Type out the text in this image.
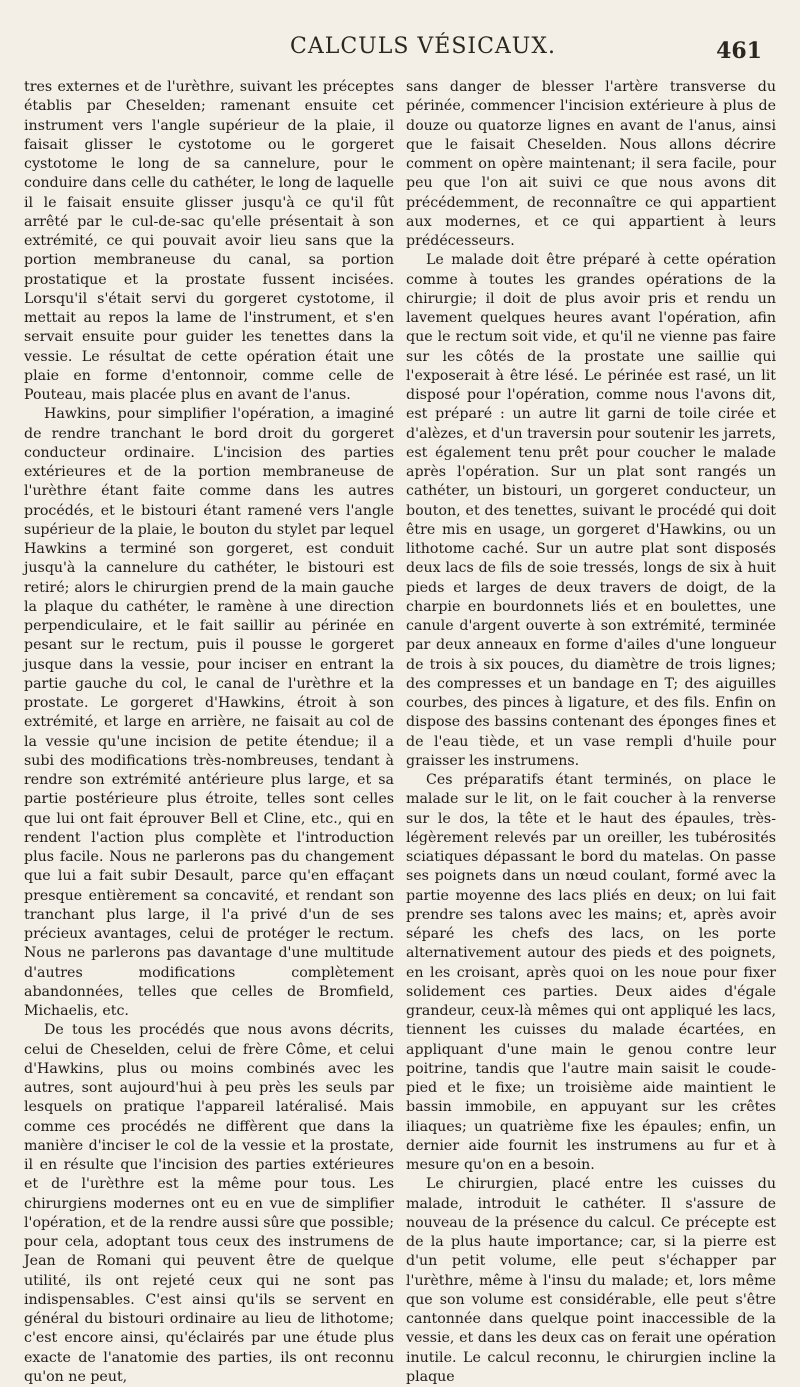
CALCULS VÉSICAUX.	461

tres externes et de l'urèthre, suivant les préceptes établis par Cheselden; ramenant ensuite cet instrument vers l'angle supérieur de la plaie, il faisait glisser le cystotome ou le gorgeret cystotome le long de sa cannelure, pour le conduire dans celle du cathéter, le long de laquelle il le faisait ensuite glisser jusqu'à ce qu'il fût arrêté par le cul-de-sac qu'elle présentait à son extrémité, ce qui pouvait avoir lieu sans que la portion membraneuse du canal, sa portion prostatique et la prostate fussent incisées. Lorsqu'il s'était servi du gorgeret cystotome, il mettait au repos la lame de l'instrument, et s'en servait ensuite pour guider les tenettes dans la vessie. Le résultat de cette opération était une plaie en forme d'entonnoir, comme celle de Pouteau, mais placée plus en avant de l'anus.

Hawkins, pour simplifier l'opération, a imaginé de rendre tranchant le bord droit du gorgeret conducteur ordinaire. L'incision des parties extérieures et de la portion membraneuse de l'urèthre étant faite comme dans les autres procédés, et le bistouri étant ramené vers l'angle supérieur de la plaie, le bouton du stylet par lequel Hawkins a terminé son gorgeret, est conduit jusqu'à la cannelure du cathéter, le bistouri est retiré; alors le chirurgien prend de la main gauche la plaque du cathéter, le ramène à une direction perpendiculaire, et le fait saillir au périnée en pesant sur le rectum, puis il pousse le gorgeret jusque dans la vessie, pour inciser en entrant la partie gauche du col, le canal de l'urèthre et la prostate. Le gorgeret d'Hawkins, étroit à son extrémité, et large en arrière, ne faisait au col de la vessie qu'une incision de petite étendue; il a subi des modifications très-nombreuses, tendant à rendre son extrémité antérieure plus large, et sa partie postérieure plus étroite, telles sont celles que lui ont fait éprouver Bell et Cline, etc., qui en rendent l'action plus complète et l'introduction plus facile. Nous ne parlerons pas du changement que lui a fait subir Desault, parce qu'en effaçant presque entièrement sa concavité, et rendant son tranchant plus large, il l'a privé d'un de ses précieux avantages, celui de protéger le rectum. Nous ne parlerons pas davantage d'une multitude d'autres modifications complètement abandonnées, telles que celles de Bromfield, Michaelis, etc.

De tous les procédés que nous avons décrits, celui de Cheselden, celui de frère Côme, et celui d'Hawkins, plus ou moins combinés avec les autres, sont aujourd'hui à peu près les seuls par lesquels on pratique l'appareil latéralisé. Mais comme ces procédés ne diffèrent que dans la manière d'inciser le col de la vessie et la prostate, il en résulte que l'incision des parties extérieures et de l'urèthre est la même pour tous. Les chirurgiens modernes ont eu en vue de simplifier l'opération, et de la rendre aussi sûre que possible; pour cela, adoptant tous ceux des instrumens de Jean de Romani qui peuvent être de quelque utilité, ils ont rejeté ceux qui ne sont pas indispensables. C'est ainsi qu'ils se servent en général du bistouri ordinaire au lieu de lithotome; c'est encore ainsi, qu'éclairés par une étude plus exacte de l'anatomie des parties, ils ont reconnu qu'on ne peut,

sans danger de blesser l'artère transverse du périnée, commencer l'incision extérieure à plus de douze ou quatorze lignes en avant de l'anus, ainsi que le faisait Cheselden. Nous allons décrire comment on opère maintenant; il sera facile, pour peu que l'on ait suivi ce que nous avons dit précédemment, de reconnaître ce qui appartient aux modernes, et ce qui appartient à leurs prédécesseurs.

Le malade doit être préparé à cette opération comme à toutes les grandes opérations de la chirurgie; il doit de plus avoir pris et rendu un lavement quelques heures avant l'opération, afin que le rectum soit vide, et qu'il ne vienne pas faire sur les côtés de la prostate une saillie qui l'exposerait à être lésé. Le périnée est rasé, un lit disposé pour l'opération, comme nous l'avons dit, est préparé : un autre lit garni de toile cirée et d'alèzes, et d'un traversin pour soutenir les jarrets, est également tenu prêt pour coucher le malade après l'opération. Sur un plat sont rangés un cathéter, un bistouri, un gorgeret conducteur, un bouton, et des tenettes, suivant le procédé qui doit être mis en usage, un gorgeret d'Hawkins, ou un lithotome caché. Sur un autre plat sont disposés deux lacs de fils de soie tressés, longs de six à huit pieds et larges de deux travers de doigt, de la charpie en bourdonnets liés et en boulettes, une canule d'argent ouverte à son extrémité, terminée par deux anneaux en forme d'ailes d'une longueur de trois à six pouces, du diamètre de trois lignes; des compresses et un bandage en T; des aiguilles courbes, des pinces à ligature, et des fils. Enfin on dispose des bassins contenant des éponges fines et de l'eau tiède, et un vase rempli d'huile pour graisser les instrumens.

Ces préparatifs étant terminés, on place le malade sur le lit, on le fait coucher à la renverse sur le dos, la tête et le haut des épaules, très-légèrement relevés par un oreiller, les tubérosités sciatiques dépassant le bord du matelas. On passe ses poignets dans un nœud coulant, formé avec la partie moyenne des lacs pliés en deux; on lui fait prendre ses talons avec les mains; et, après avoir séparé les chefs des lacs, on les porte alternativement autour des pieds et des poignets, en les croisant, après quoi on les noue pour fixer solidement ces parties. Deux aides d'égale grandeur, ceux-là mêmes qui ont appliqué les lacs, tiennent les cuisses du malade écartées, en appliquant d'une main le genou contre leur poitrine, tandis que l'autre main saisit le coude-pied et le fixe; un troisième aide maintient le bassin immobile, en appuyant sur les crêtes iliaques; un quatrième fixe les épaules; enfin, un dernier aide fournit les instrumens au fur et à mesure qu'on en a besoin.

Le chirurgien, placé entre les cuisses du malade, introduit le cathéter. Il s'assure de nouveau de la présence du calcul. Ce précepte est de la plus haute importance; car, si la pierre est d'un petit volume, elle peut s'échapper par l'urèthre, même à l'insu du malade; et, lors même que son volume est considérable, elle peut s'être cantonnée dans quelque point inaccessible de la vessie, et dans les deux cas on ferait une opération inutile. Le calcul reconnu, le chirurgien incline la plaque
